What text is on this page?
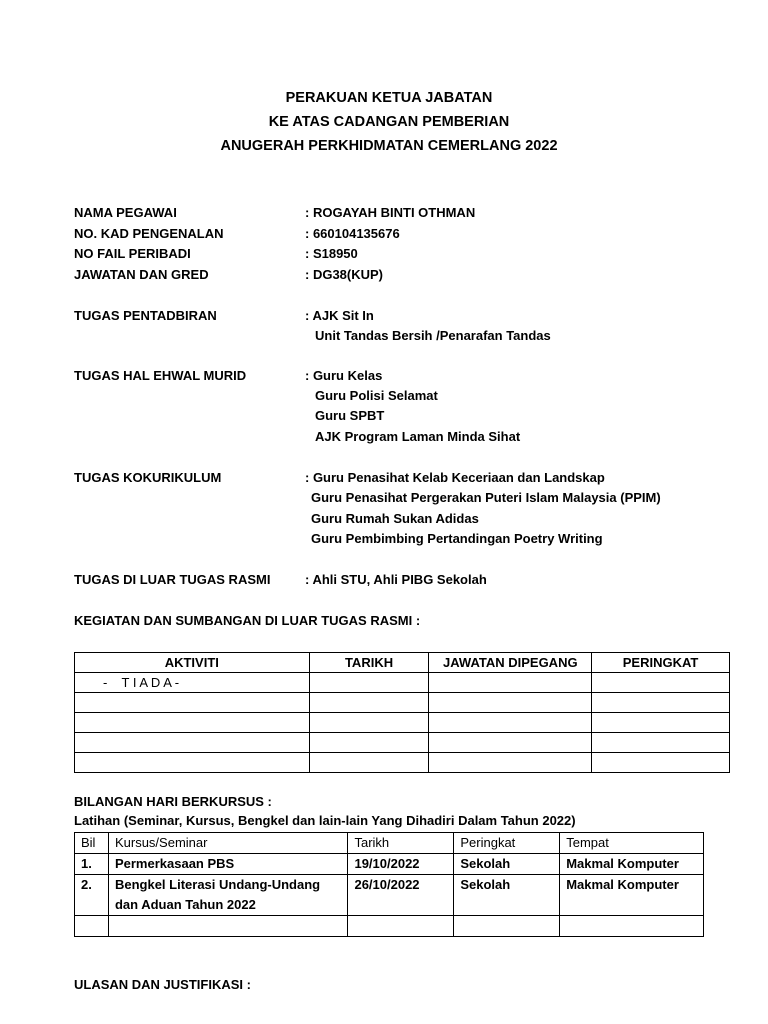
PERAKUAN KETUA JABATAN
KE ATAS CADANGAN PEMBERIAN
ANUGERAH PERKHIDMATAN CEMERLANG 2022
NAMA PEGAWAI	: ROGAYAH BINTI OTHMAN
NO. KAD PENGENALAN	: 660104135676
NO FAIL PERIBADI	: S18950
JAWATAN DAN GRED	: DG38(KUP)
TUGAS PENTADBIRAN	: AJK Sit In
Unit Tandas Bersih /Penarafan Tandas
TUGAS HAL EHWAL MURID	: Guru Kelas
Guru Polisi Selamat
Guru SPBT
AJK Program Laman Minda Sihat
TUGAS KOKURIKULUM	: Guru Penasihat Kelab Keceriaan dan Landskap
Guru Penasihat Pergerakan Puteri Islam Malaysia (PPIM)
Guru Rumah Sukan Adidas
Guru Pembimbing Pertandingan Poetry Writing
TUGAS DI LUAR TUGAS RASMI	: Ahli STU, Ahli PIBG Sekolah
KEGIATAN DAN SUMBANGAN DI LUAR TUGAS RASMI :
AKTIVITI	TARIKH	JAWATAN DIPEGANG	PERINGKAT
-    T I A D A -			

BILANGAN HARI BERKURSUS :
Latihan (Seminar, Kursus, Bengkel dan lain-lain Yang Dihadiri Dalam Tahun 2022)
Bil	Kursus/Seminar	Tarikh	Peringkat	Tempat
1.	Permerkasaan PBS	19/10/2022	Sekolah	Makmal Komputer
2.	Bengkel Literasi Undang-Undang
dan Aduan Tahun 2022	26/10/2022	Sekolah	Makmal Komputer

ULASAN DAN JUSTIFIKASI :
